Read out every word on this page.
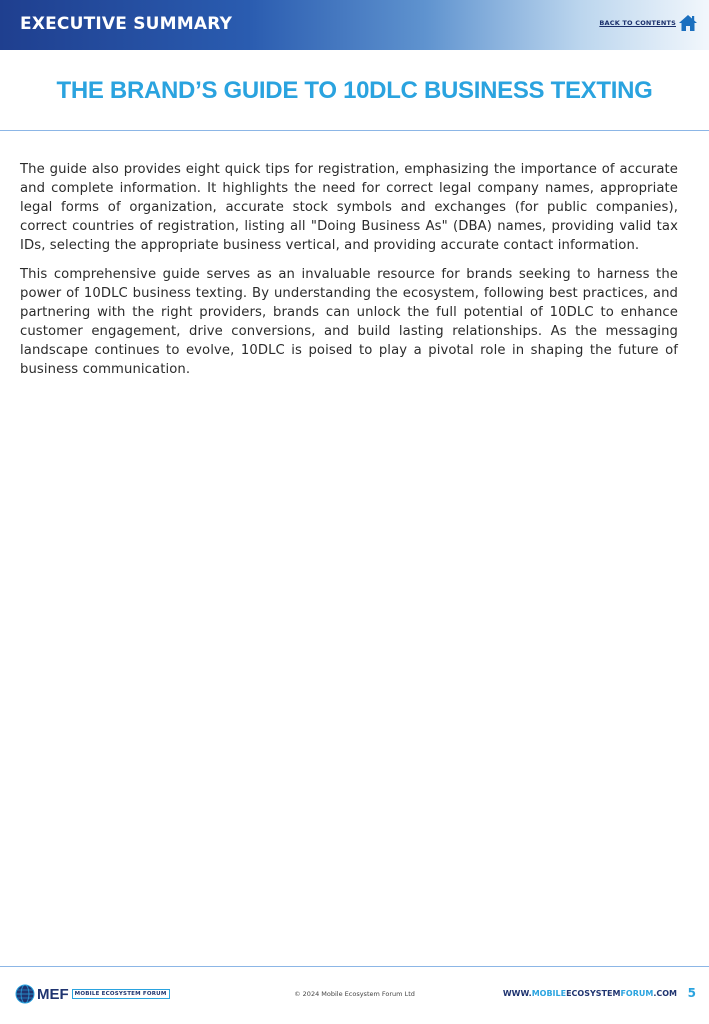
EXECUTIVE SUMMARY	BACK TO CONTENTS
THE BRAND’S GUIDE TO 10DLC BUSINESS TEXTING

The guide also provides eight quick tips for registration, emphasizing the importance of accurate and complete information. It highlights the need for correct legal company names, appropriate legal forms of organization, accurate stock symbols and exchanges (for public companies), correct countries of registration, listing all "Doing Business As" (DBA) names, providing valid tax IDs, selecting the appropriate business vertical, and providing accurate contact information.

This comprehensive guide serves as an invaluable resource for brands seeking to harness the power of 10DLC business texting. By understanding the ecosystem, following best practices, and partnering with the right providers, brands can unlock the full potential of 10DLC to enhance customer engagement, drive conversions, and build lasting relationships. As the messaging landscape continues to evolve, 10DLC is poised to play a pivotal role in shaping the future of business communication.

MEF	MOBILE ECOSYSTEM FORUM	© 2024 Mobile Ecosystem Forum Ltd	WWW.MOBILEECOSYSTEMFORUM.COM 5
